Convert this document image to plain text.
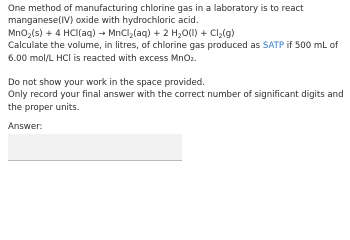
One method of manufacturing chlorine gas in a laboratory is to react
manganese(IV) oxide with hydrochloric acid.
MnO$_2$(s) + 4 HCl(aq) → MnCl$_2$(aq) + 2 $H_2O(l) + Cl_2(g)$
Calculate the volume, in litres, of chlorine gas produced as SATP if 500 mL of
6.00 mol/L HCl is reacted with excess MnO₂.
Do not show your work in the space provided.
Only record your final answer with the correct number of significant digits and
the proper units.
Answer:
